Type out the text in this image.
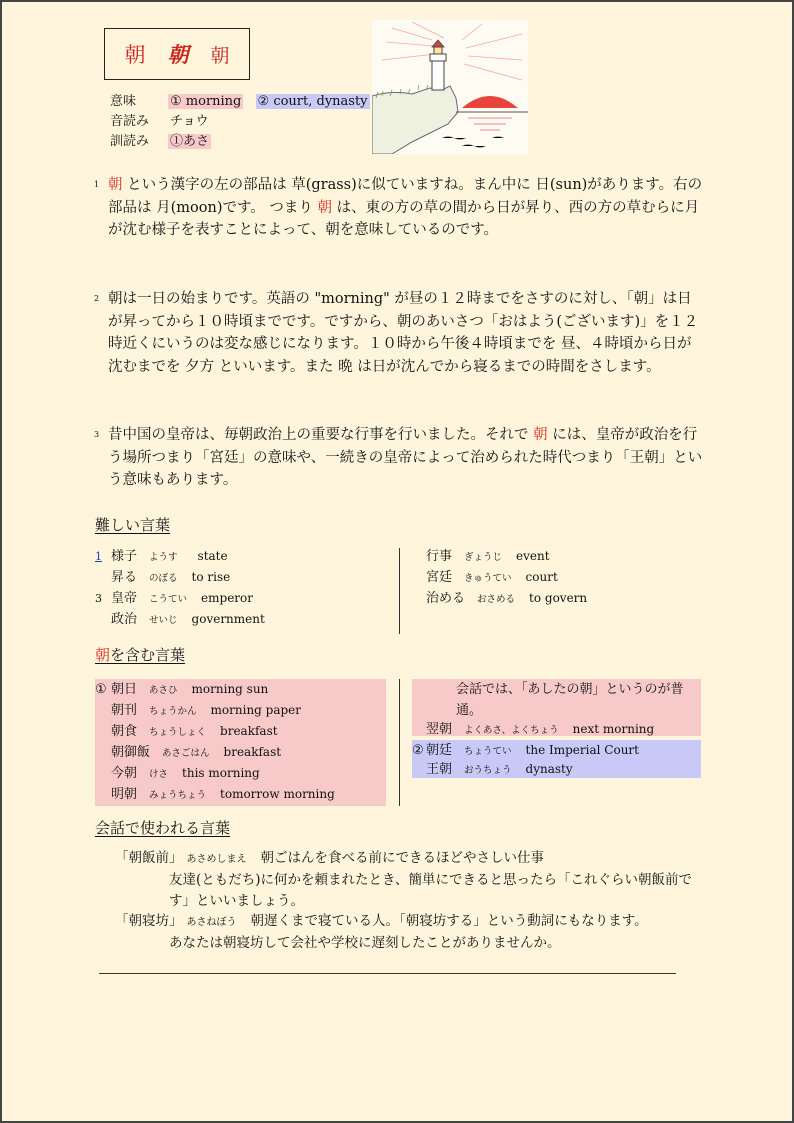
朝 朝 朝
意味	① morning ② court, dynasty
音読み チョウ
訓読み ①あさ
1 朝 という漢字の左の部品は 草(grass)に似ていますね。まん中に 日(sun)があります。右の部品は 月(moon)です。 つまり 朝 は、東の方の草の間から日が昇り、西の方の草むらに月が沈む様子を表すことによって、朝を意味しているのです。
2 朝は一日の始まりです。英語の "morning" が昼の１２時までをさすのに対し、「朝」は日が昇ってから１０時頃までです。ですから、朝のあいさつ「おはよう(ございます)」を１２時近くにいうのは変な感じになります。１０時から午後４時頃までを 昼、４時頃から日が沈むまでを 夕方 といいます。また 晩 は日が沈んでから寝るまでの時間をさします。
3 昔中国の皇帝は、毎朝政治上の重要な行事を行いました。それで 朝 には、皇帝が政治を行う場所つまり「宮廷」の意味や、一続きの皇帝によって治められた時代つまり「王朝」という意味もあります。
難しい言葉
1 様子 ようす state
昇る のぼる to rise
3 皇帝 こうてい emperor
政治 せいじ government
行事 ぎょうじ event
宮廷 きゅうてい court
治める おさめる to govern
朝を含む言葉
① 朝日 あさひ morning sun
朝刊 ちょうかん morning paper
朝食 ちょうしょく breakfast
朝御飯 あさごはん breakfast
今朝 けさ this morning
明朝 みょうちょう tomorrow morning
会話では、「あしたの朝」というのが普通。
翌朝 よくあさ、よくちょう next morning
② 朝廷 ちょうてい the Imperial Court
王朝 おうちょう dynasty
会話で使われる言葉
「朝飯前」 あさめしまえ 朝ごはんを食べる前にできるほどやさしい仕事
友達(ともだち)に何かを頼まれたとき、簡単にできると思ったら「これぐらい朝飯前です」といいましょう。
「朝寝坊」 あさねぼう 朝遅くまで寝ている人。「朝寝坊する」という動詞にもなります。
あなたは朝寝坊して会社や学校に遅刻したことがありませんか。
